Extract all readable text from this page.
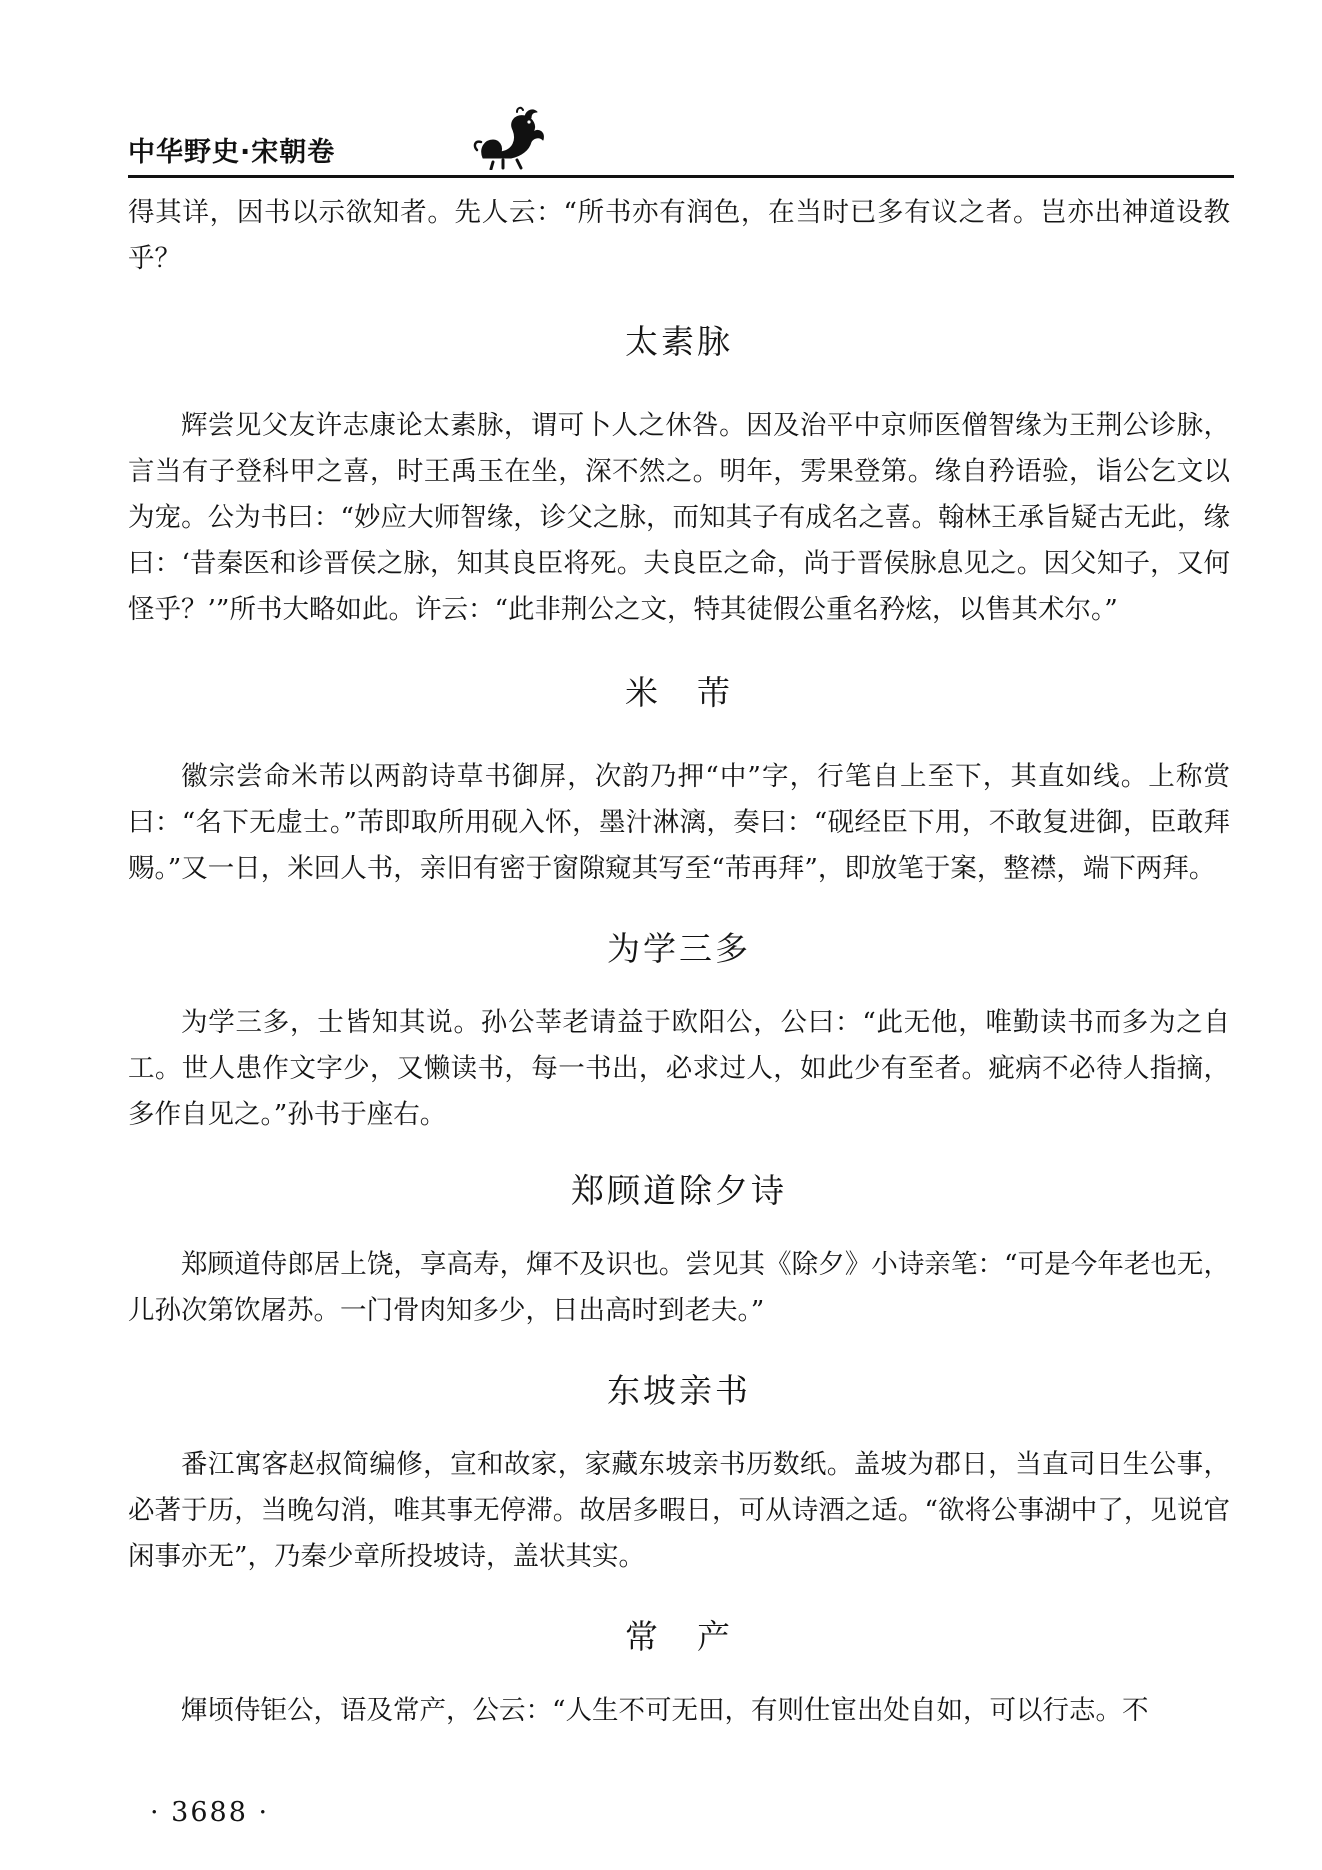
中华野史·宋朝卷

得其详，因书以示欲知者。先人云：“所书亦有润色，在当时已多有议之者。岂亦出神道设教乎？

太素脉

辉尝见父友许志康论太素脉，谓可卜人之休咎。因及治平中京师医僧智缘为王荆公诊脉，言当有子登科甲之喜，时王禹玉在坐，深不然之。明年，雱果登第。缘自矜语验，诣公乞文以为宠。公为书曰：“妙应大师智缘，诊父之脉，而知其子有成名之喜。翰林王承旨疑古无此，缘曰：‘昔秦医和诊晋侯之脉，知其良臣将死。夫良臣之命，尚于晋侯脉息见之。因父知子，又何怪乎？’”所书大略如此。许云：“此非荆公之文，特其徒假公重名矜炫，以售其术尔。”

米　芾

徽宗尝命米芾以两韵诗草书御屏，次韵乃押“中”字，行笔自上至下，其直如线。上称赏曰：“名下无虚士。”芾即取所用砚入怀，墨汁淋漓，奏曰：“砚经臣下用，不敢复进御，臣敢拜赐。”又一日，米回人书，亲旧有密于窗隙窥其写至“芾再拜”，即放笔于案，整襟，端下两拜。

为学三多

为学三多，士皆知其说。孙公莘老请益于欧阳公，公曰：“此无他，唯勤读书而多为之自工。世人患作文字少，又懒读书，每一书出，必求过人，如此少有至者。疵病不必待人指摘，多作自见之。”孙书于座右。

郑顾道除夕诗

郑顾道侍郎居上饶，享高寿，煇不及识也。尝见其《除夕》小诗亲笔：“可是今年老也无，儿孙次第饮屠苏。一门骨肉知多少，日出高时到老夫。”

东坡亲书

番江寓客赵叔简编修，宣和故家，家藏东坡亲书历数纸。盖坡为郡日，当直司日生公事，必著于历，当晚勾消，唯其事无停滞。故居多暇日，可从诗酒之适。“欲将公事湖中了，见说官闲事亦无”，乃秦少章所投坡诗，盖状其实。

常　产

煇顷侍钜公，语及常产，公云：“人生不可无田，有则仕宦出处自如，可以行志。不

· 3688 ·
